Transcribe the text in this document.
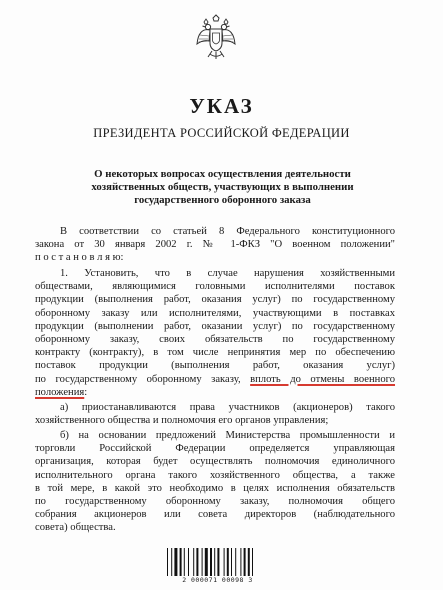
УКАЗ
ПРЕЗИДЕНТА РОССИЙСКОЙ ФЕДЕРАЦИИ
О некоторых вопросах осуществления деятельности
хозяйственных обществ, участвующих в выполнении
государственного оборонного заказа
В соответствии со статьей 8 Федерального конституционного
закона от 30 января 2002 г. № 1-ФКЗ "О военном положении"
п о с т а н о в л я ю:
1. Установить, что в случае нарушения хозяйственными
обществами, являющимися головными исполнителями поставок
продукции (выполнения работ, оказания услуг) по государственному
оборонному заказу или исполнителями, участвующими в поставках
продукции (выполнении работ, оказании услуг) по государственному
оборонному заказу, своих обязательств по государственному
контракту (контракту), в том числе непринятия мер по обеспечению
поставок продукции (выполнения работ, оказания услуг)
по государственному оборонному заказу, вплоть до отмены военного
положения:
а) приостанавливаются права участников (акционеров) такого
хозяйственного общества и полномочия его органов управления;
б) на основании предложений Министерства промышленности и
торговли Российской Федерации определяется управляющая
организация, которая будет осуществлять полномочия единоличного
исполнительного органа такого хозяйственного общества, а также
в той мере, в какой это необходимо в целях исполнения обязательств
по государственному оборонному заказу, полномочия общего
собрания акционеров или совета директоров (наблюдательного
совета) общества.
2 000071 00098 3
